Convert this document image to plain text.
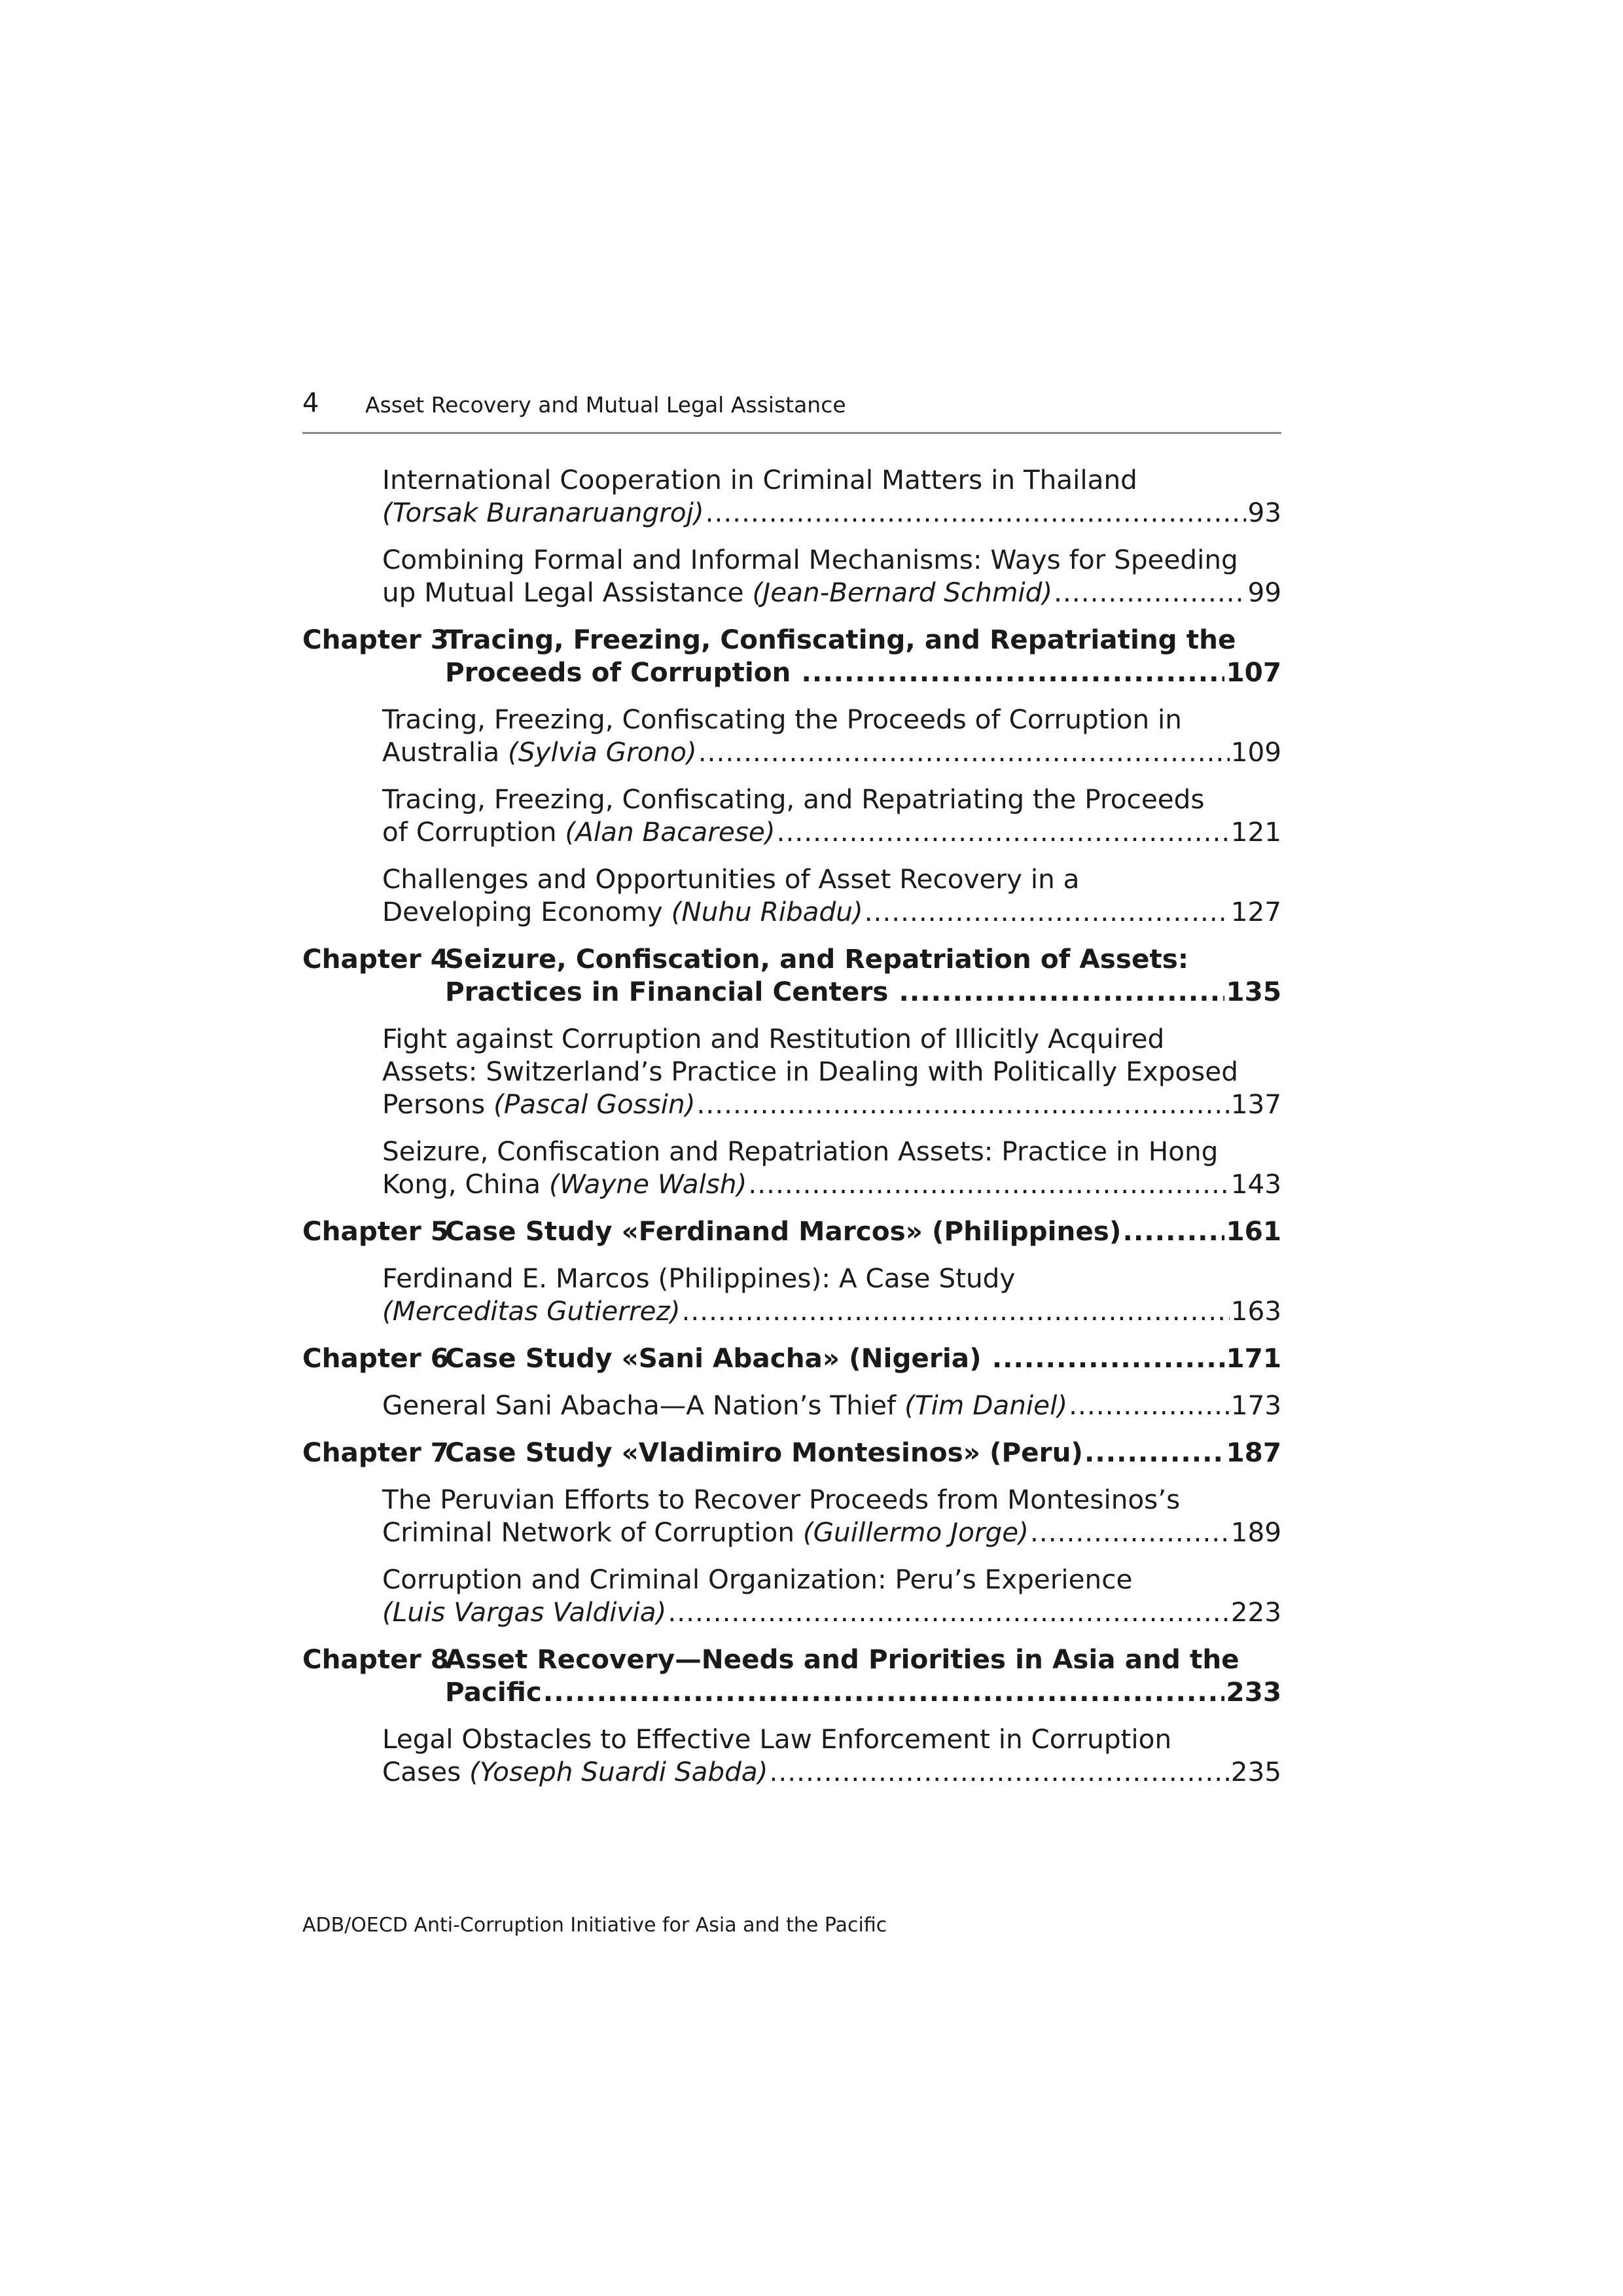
4 Asset Recovery and Mutual Legal Assistance
International Cooperation in Criminal Matters in Thailand
(Torsak Buranaruangroj) .....	93
Combining Formal and Informal Mechanisms: Ways for Speeding
up Mutual Legal Assistance (Jean-Bernard Schmid) .....	99
Chapter 3
Tracing, Freezing, Confiscating, and Repatriating the
Proceeds of Corruption .....	107
Tracing, Freezing, Confiscating the Proceeds of Corruption in
Australia (Sylvia Grono) .....	109
Tracing, Freezing, Confiscating, and Repatriating the Proceeds
of Corruption (Alan Bacarese) .....	121
Challenges and Opportunities of Asset Recovery in a
Developing Economy (Nuhu Ribadu) .....	127
Chapter 4
Seizure, Confiscation, and Repatriation of Assets:
Practices in Financial Centers .....	135
Fight against Corruption and Restitution of Illicitly Acquired
Assets: Switzerland’s Practice in Dealing with Politically Exposed
Persons (Pascal Gossin) .....	137
Seizure, Confiscation and Repatriation Assets: Practice in Hong
Kong, China (Wayne Walsh) .....	143
Chapter 5
Case Study «Ferdinand Marcos» (Philippines) .....	161
Ferdinand E. Marcos (Philippines): A Case Study
(Merceditas Gutierrez) .....	163
Chapter 6
Case Study «Sani Abacha» (Nigeria) .....	171
General Sani Abacha—A Nation’s Thief (Tim Daniel) .....	173
Chapter 7
Case Study «Vladimiro Montesinos» (Peru) .....	187
The Peruvian Efforts to Recover Proceeds from Montesinos’s
Criminal Network of Corruption (Guillermo Jorge) .....	189
Corruption and Criminal Organization: Peru’s Experience
(Luis Vargas Valdivia) .....	223
Chapter 8
Asset Recovery—Needs and Priorities in Asia and the
Pacific .....	233
Legal Obstacles to Effective Law Enforcement in Corruption
Cases (Yoseph Suardi Sabda) .....	235
ADB/OECD Anti-Corruption Initiative for Asia and the Pacific
